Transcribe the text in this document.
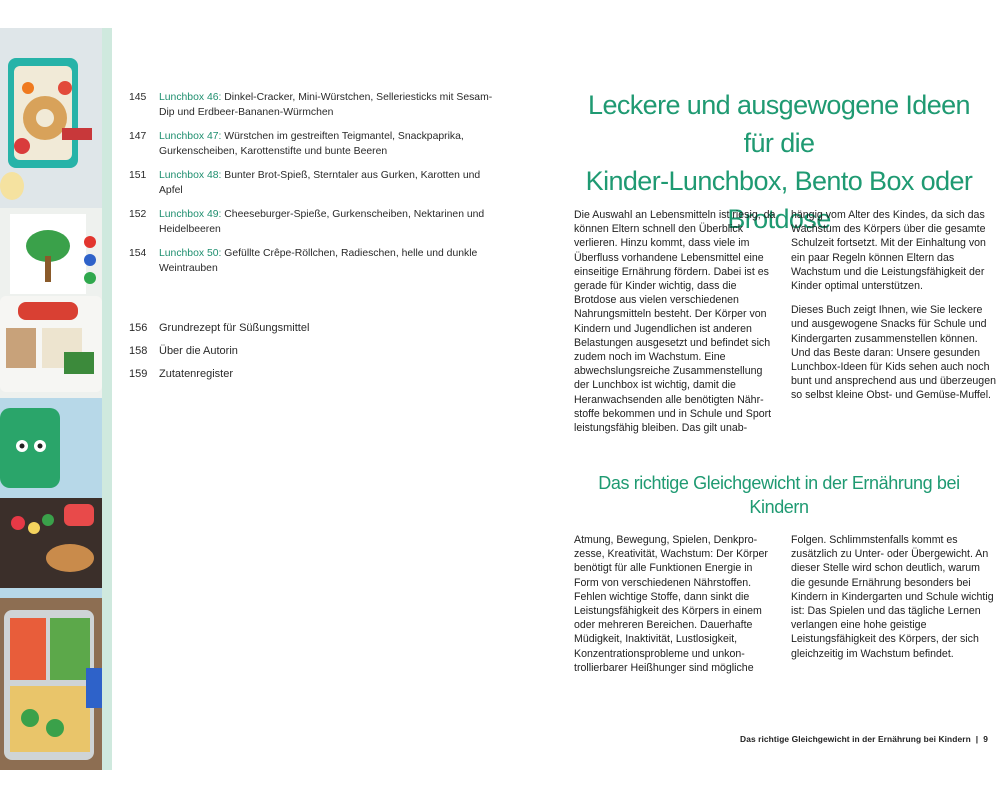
145	Lunchbox 46: Dinkel-Cracker, Mini-Würstchen, Selleriesticks mit Sesam-Dip und Erdbeer-Bananen-Würmchen
147	Lunchbox 47: Würstchen im gestreiften Teigmantel, Snackpaprika, Gurkenscheiben, Karottenstifte und bunte Beeren
151	Lunchbox 48: Bunter Brot-Spieß, Sterntaler aus Gurken, Karotten und Apfel
152	Lunchbox 49: Cheeseburger-Spieße, Gurkenscheiben, Nektarinen und Heidelbeeren
154	Lunchbox 50: Gefüllte Crêpe-Röllchen, Radieschen, helle und dunkle Weintrauben
156	Grundrezept für Süßungsmittel
158	Über die Autorin
159	Zutatenregister
Leckere und ausgewogene Ideen für die
Kinder-Lunchbox, Bento Box oder Brotdose

Die Auswahl an Lebensmitteln ist riesig, da können Eltern schnell den Überblick verlieren. Hinzu kommt, dass viele im Überfluss vorhandene Lebensmittel eine einseitige Ernährung fördern. Dabei ist es gerade für Kinder wichtig, dass die Brotdose aus vielen verschiedenen Nahrungsmitteln besteht. Der Körper von Kindern und Jugendlichen ist anderen Belastungen ausgesetzt und befindet sich zudem noch im Wachstum. Eine abwechslungsreiche Zusammenstellung der Lunchbox ist wichtig, damit die Heranwachsenden alle benötigten Nährstoffe bekommen und in Schule und Sport leistungsfähig bleiben. Das gilt unab-

hängig vom Alter des Kindes, da sich das Wachstum des Körpers über die gesamte Schulzeit fortsetzt. Mit der Einhaltung von ein paar Regeln können Eltern das Wachstum und die Leistungsfähigkeit der Kinder optimal unterstützen.

Dieses Buch zeigt Ihnen, wie Sie leckere und ausgewogene Snacks für Schule und Kindergarten zusammenstellen können. Und das Beste daran: Unsere gesunden Lunchbox-Ideen für Kids sehen auch noch bunt und ansprechend aus und überzeugen so selbst kleine Obst- und Gemüse-Muffel.

Das richtige Gleichgewicht in der Ernährung bei Kindern

Atmung, Bewegung, Spielen, Denkprozesse, Kreativität, Wachstum: Der Körper benötigt für alle Funktionen Energie in Form von verschiedenen Nährstoffen. Fehlen wichtige Stoffe, dann sinkt die Leistungsfähigkeit des Körpers in einem oder mehreren Bereichen. Dauerhafte Müdigkeit, Inaktivität, Lustlosigkeit, Konzentrationsprobleme und unkontrollierbarer Heißhunger sind mögliche

Folgen. Schlimmstenfalls kommt es zusätzlich zu Unter- oder Übergewicht. An dieser Stelle wird schon deutlich, warum die gesunde Ernährung besonders bei Kindern in Kindergarten und Schule wichtig ist: Das Spielen und das tägliche Lernen verlangen eine hohe geistige Leistungsfähigkeit des Körpers, der sich gleichzeitig im Wachstum befindet.

Das richtige Gleichgewicht in der Ernährung bei Kindern | 9
